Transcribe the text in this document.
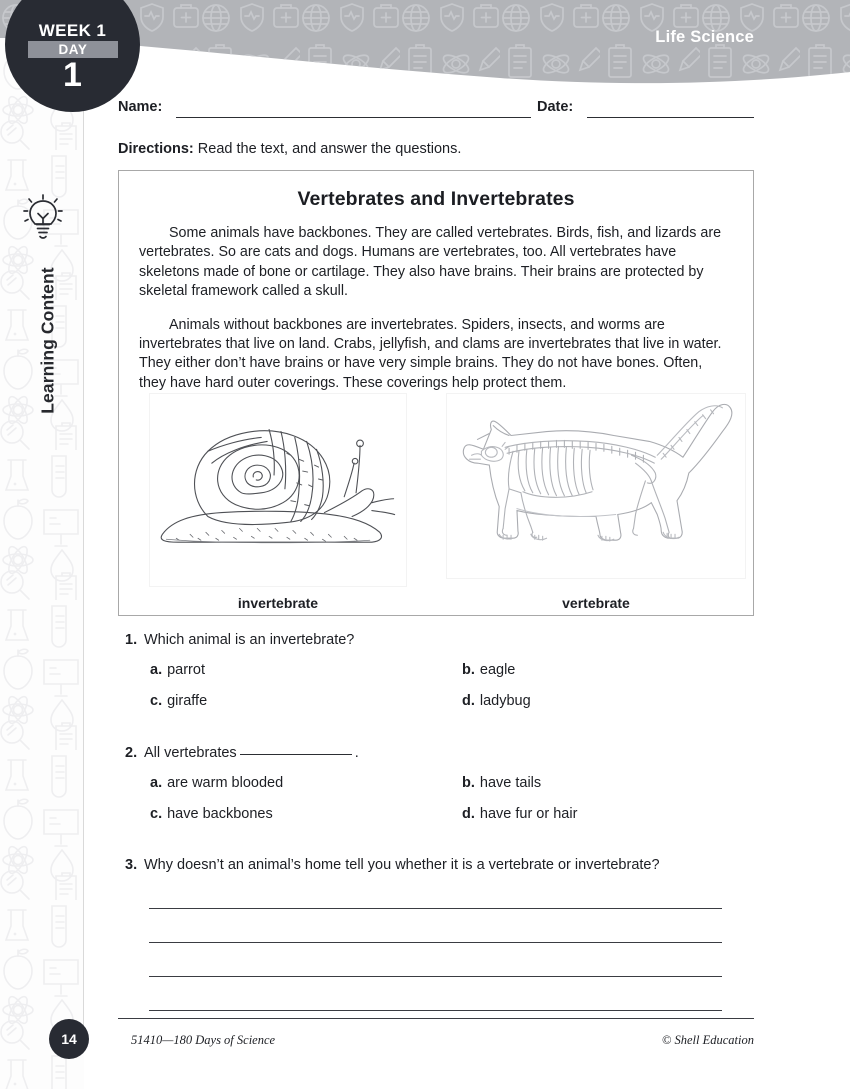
Learning Content
Life Science
WEEK 1
DAY
1
Name:	Date:
Directions: Read the text, and answer the questions.
Vertebrates and Invertebrates

Some animals have backbones. They are called vertebrates. Birds, fish, and lizards are vertebrates. So are cats and dogs. Humans are vertebrates, too. All vertebrates have skeletons made of bone or cartilage. They also have brains. Their brains are protected by skeletal framework called a skull.

Animals without backbones are invertebrates. Spiders, insects, and worms are invertebrates that live on land. Crabs, jellyfish, and clams are invertebrates that live in water. They either don’t have brains or have very simple brains. They do not have bones. Often, they have hard outer coverings. These coverings help protect them.

invertebrate	vertebrate
1. Which animal is an invertebrate?
a. parrot	b. eagle
c. giraffe	d. ladybug
2. All vertebrates	.
a. are warm blooded	b. have tails
c. have backbones	d. have fur or hair
3. Why doesn’t an animal’s home tell you whether it is a vertebrate or invertebrate?
14	51410—180 Days of Science	© Shell Education
